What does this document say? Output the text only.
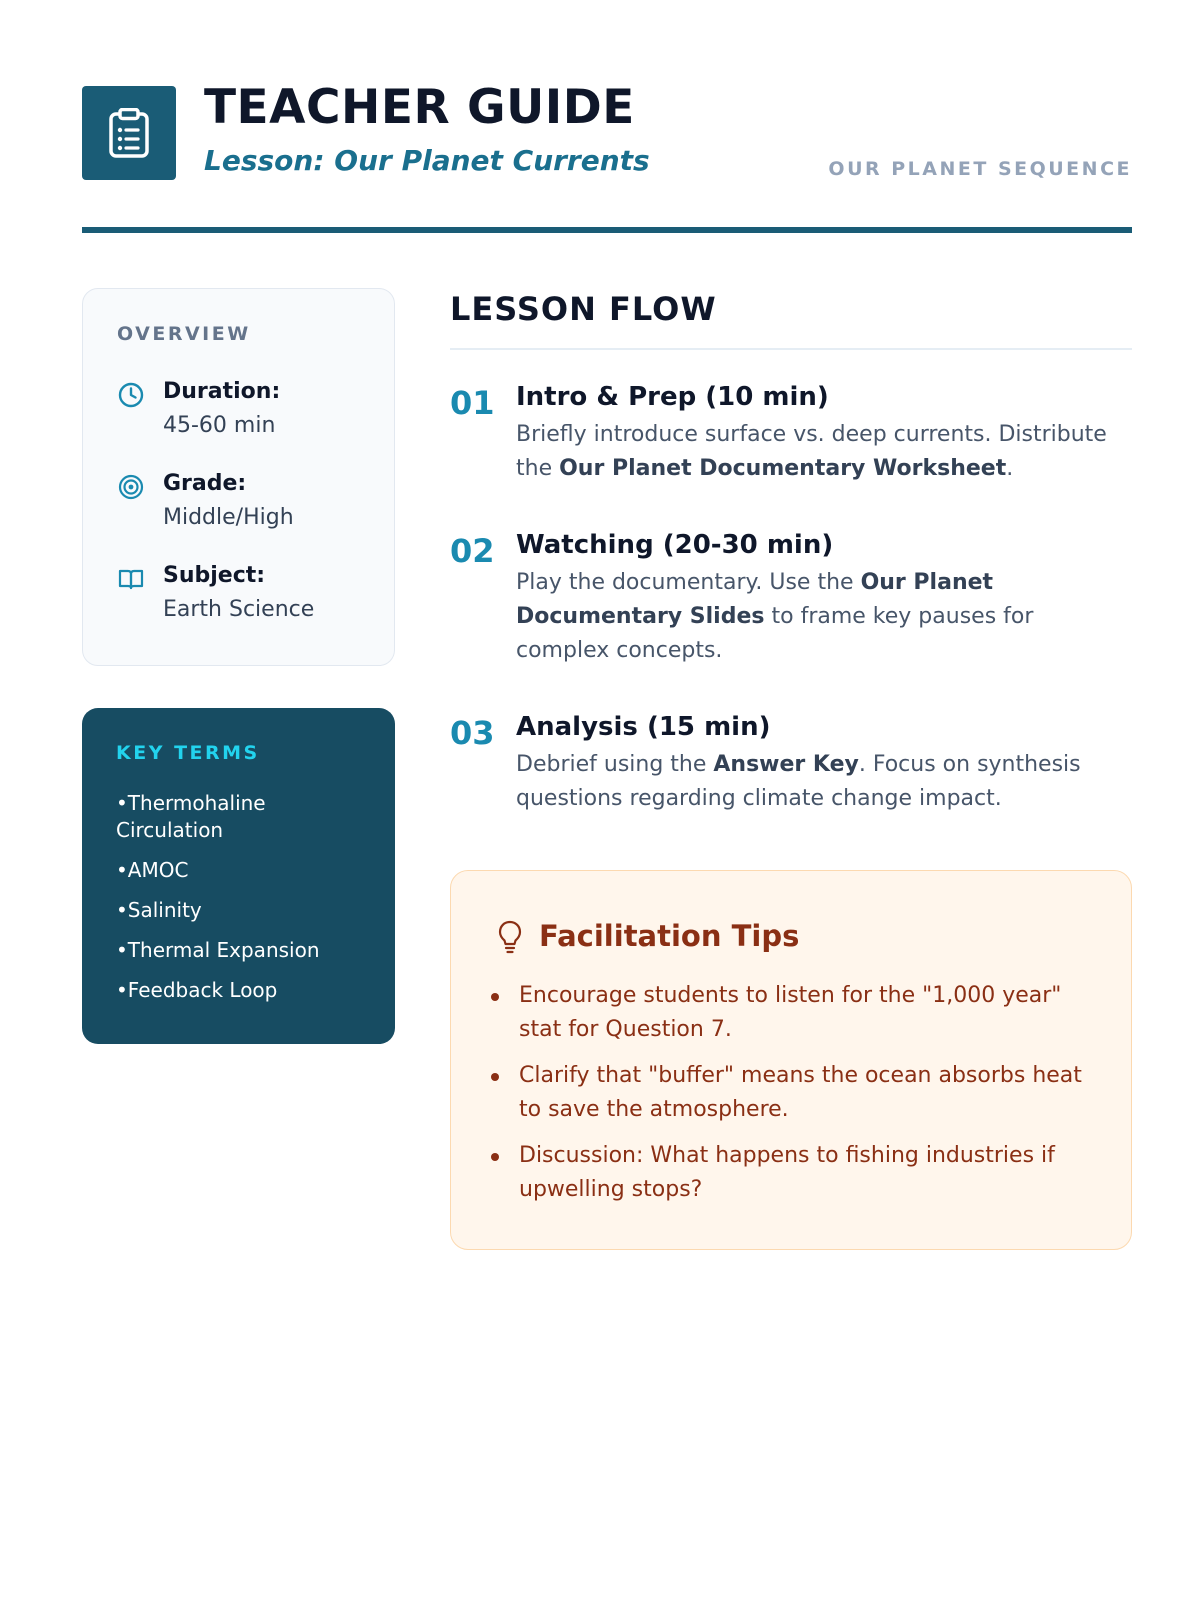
TEACHER GUIDE
Lesson: Our Planet Currents	OUR PLANET SEQUENCE
OVERVIEW
Duration:
45-60 min
Grade:
Middle/High
Subject:
Earth Science
KEY TERMS
• Thermohaline Circulation
• AMOC
• Salinity
• Thermal Expansion
• Feedback Loop
LESSON FLOW
01 Intro & Prep (10 min)

Briefly introduce surface vs. deep currents. Distribute the Our Planet Documentary Worksheet.

02 Watching (20-30 min)

Play the documentary. Use the Our Planet Documentary Slides to frame key pauses for complex concepts.

03 Analysis (15 min)

Debrief using the Answer Key. Focus on synthesis questions regarding climate change impact.

Facilitation Tips
Encourage students to listen for the "1,000 year" stat for Question 7.
Clarify that "buffer" means the ocean absorbs heat to save the atmosphere.
Discussion: What happens to fishing industries if upwelling stops?
